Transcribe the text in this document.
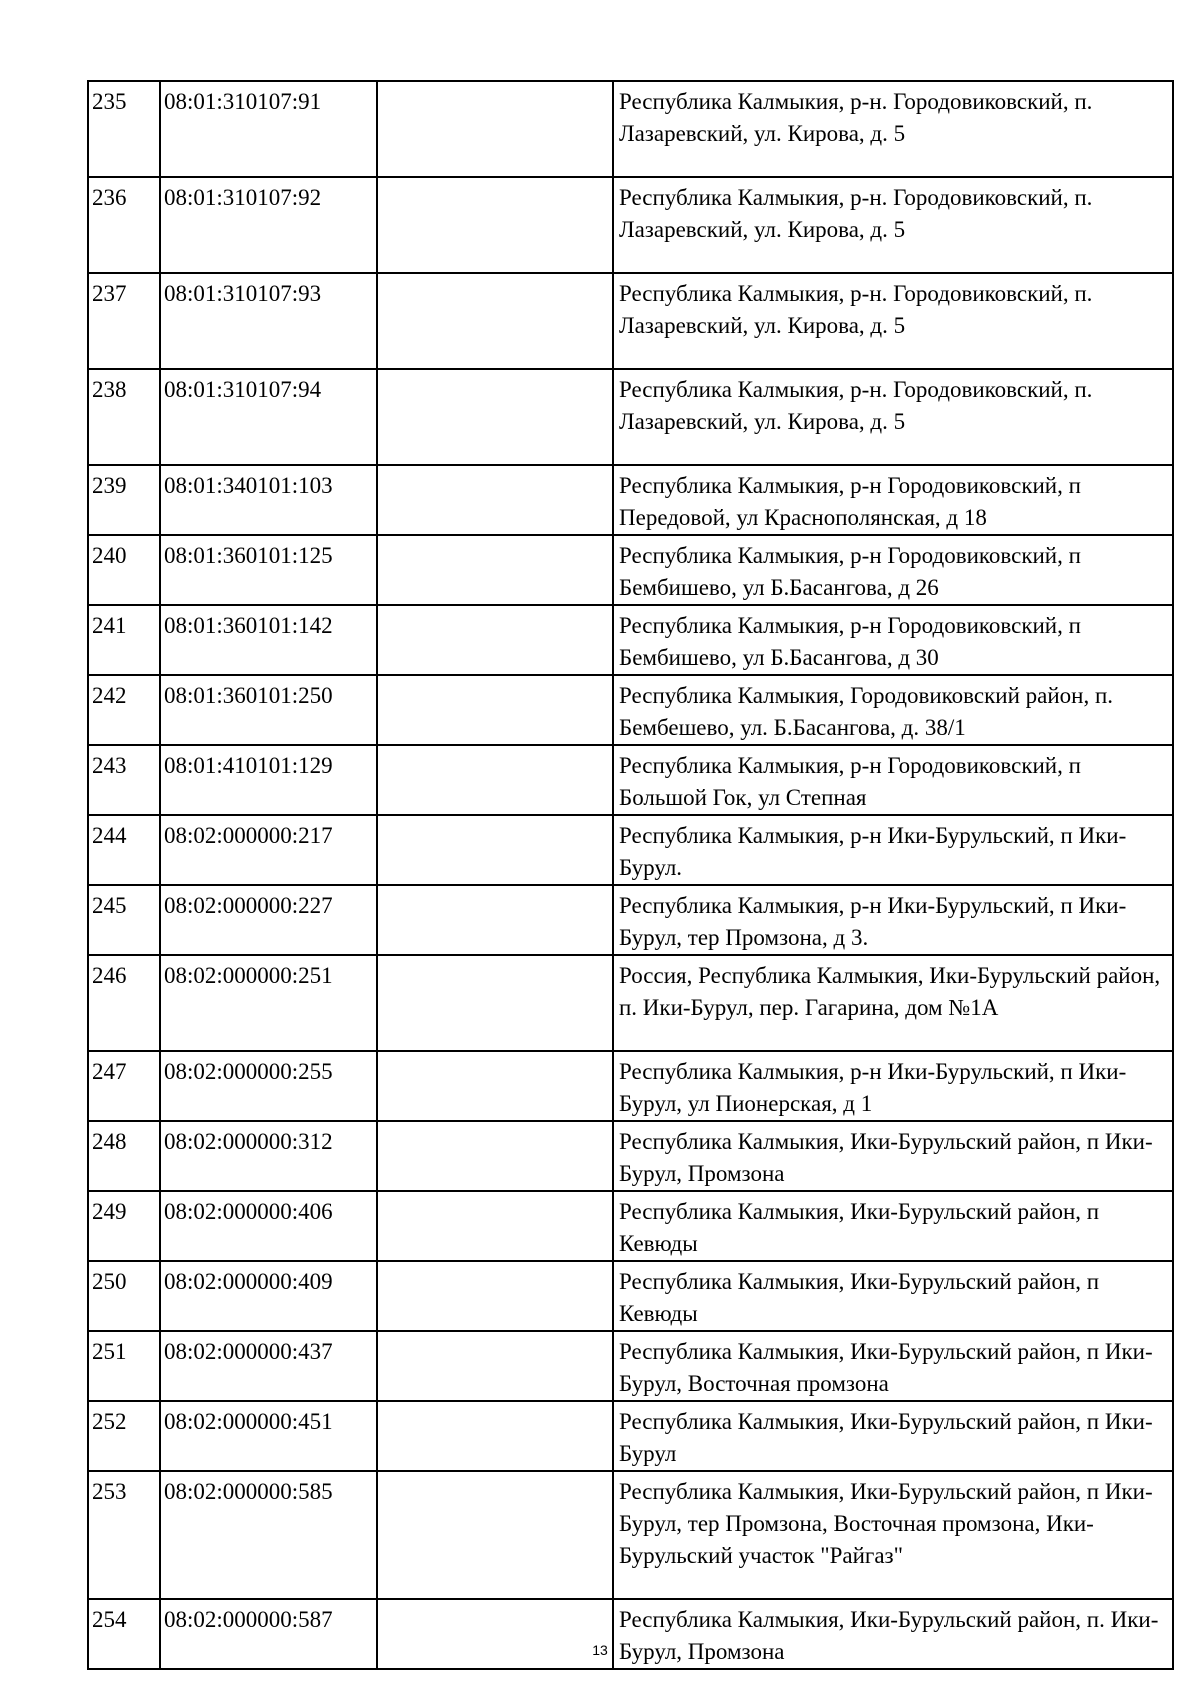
235	08:01:310107:91		Республика Калмыкия, р-н. Городовиковский, п. Лазаревский, ул. Кирова, д. 5
236	08:01:310107:92		Республика Калмыкия, р-н. Городовиковский, п. Лазаревский, ул. Кирова, д. 5
237	08:01:310107:93		Республика Калмыкия, р-н. Городовиковский, п. Лазаревский, ул. Кирова, д. 5
238	08:01:310107:94		Республика Калмыкия, р-н. Городовиковский, п. Лазаревский, ул. Кирова, д. 5
239	08:01:340101:103		Республика Калмыкия, р-н Городовиковский, п Передовой, ул Краснополянская, д 18
240	08:01:360101:125		Республика Калмыкия, р-н Городовиковский, п Бембишево, ул Б.Басангова, д 26
241	08:01:360101:142		Республика Калмыкия, р-н Городовиковский, п Бембишево, ул Б.Басангова, д 30
242	08:01:360101:250		Республика Калмыкия, Городовиковский район, п. Бембешево, ул. Б.Басангова, д. 38/1
243	08:01:410101:129		Республика Калмыкия, р-н Городовиковский, п Большой Гок, ул Степная
244	08:02:000000:217		Республика Калмыкия, р-н Ики-Бурульский, п Ики-Бурул.
245	08:02:000000:227		Республика Калмыкия, р-н Ики-Бурульский, п Ики-Бурул, тер Промзона, д 3.
246	08:02:000000:251		Россия, Республика Калмыкия, Ики-Бурульский район, п. Ики-Бурул, пер. Гагарина, дом №1А
247	08:02:000000:255		Республика Калмыкия, р-н Ики-Бурульский, п Ики-Бурул, ул Пионерская, д 1
248	08:02:000000:312		Республика Калмыкия, Ики-Бурульский район, п Ики-Бурул, Промзона
249	08:02:000000:406		Республика Калмыкия, Ики-Бурульский район, п Кевюды
250	08:02:000000:409		Республика Калмыкия, Ики-Бурульский район, п Кевюды
251	08:02:000000:437		Республика Калмыкия, Ики-Бурульский район, п Ики-Бурул, Восточная промзона
252	08:02:000000:451		Республика Калмыкия, Ики-Бурульский район, п Ики-Бурул
253	08:02:000000:585		Республика Калмыкия, Ики-Бурульский район, п Ики-Бурул, тер Промзона, Восточная промзона, Ики-Бурульский участок "Райгаз"
254	08:02:000000:587		Республика Калмыкия, Ики-Бурульский район, п. Ики-Бурул, Промзона
13
